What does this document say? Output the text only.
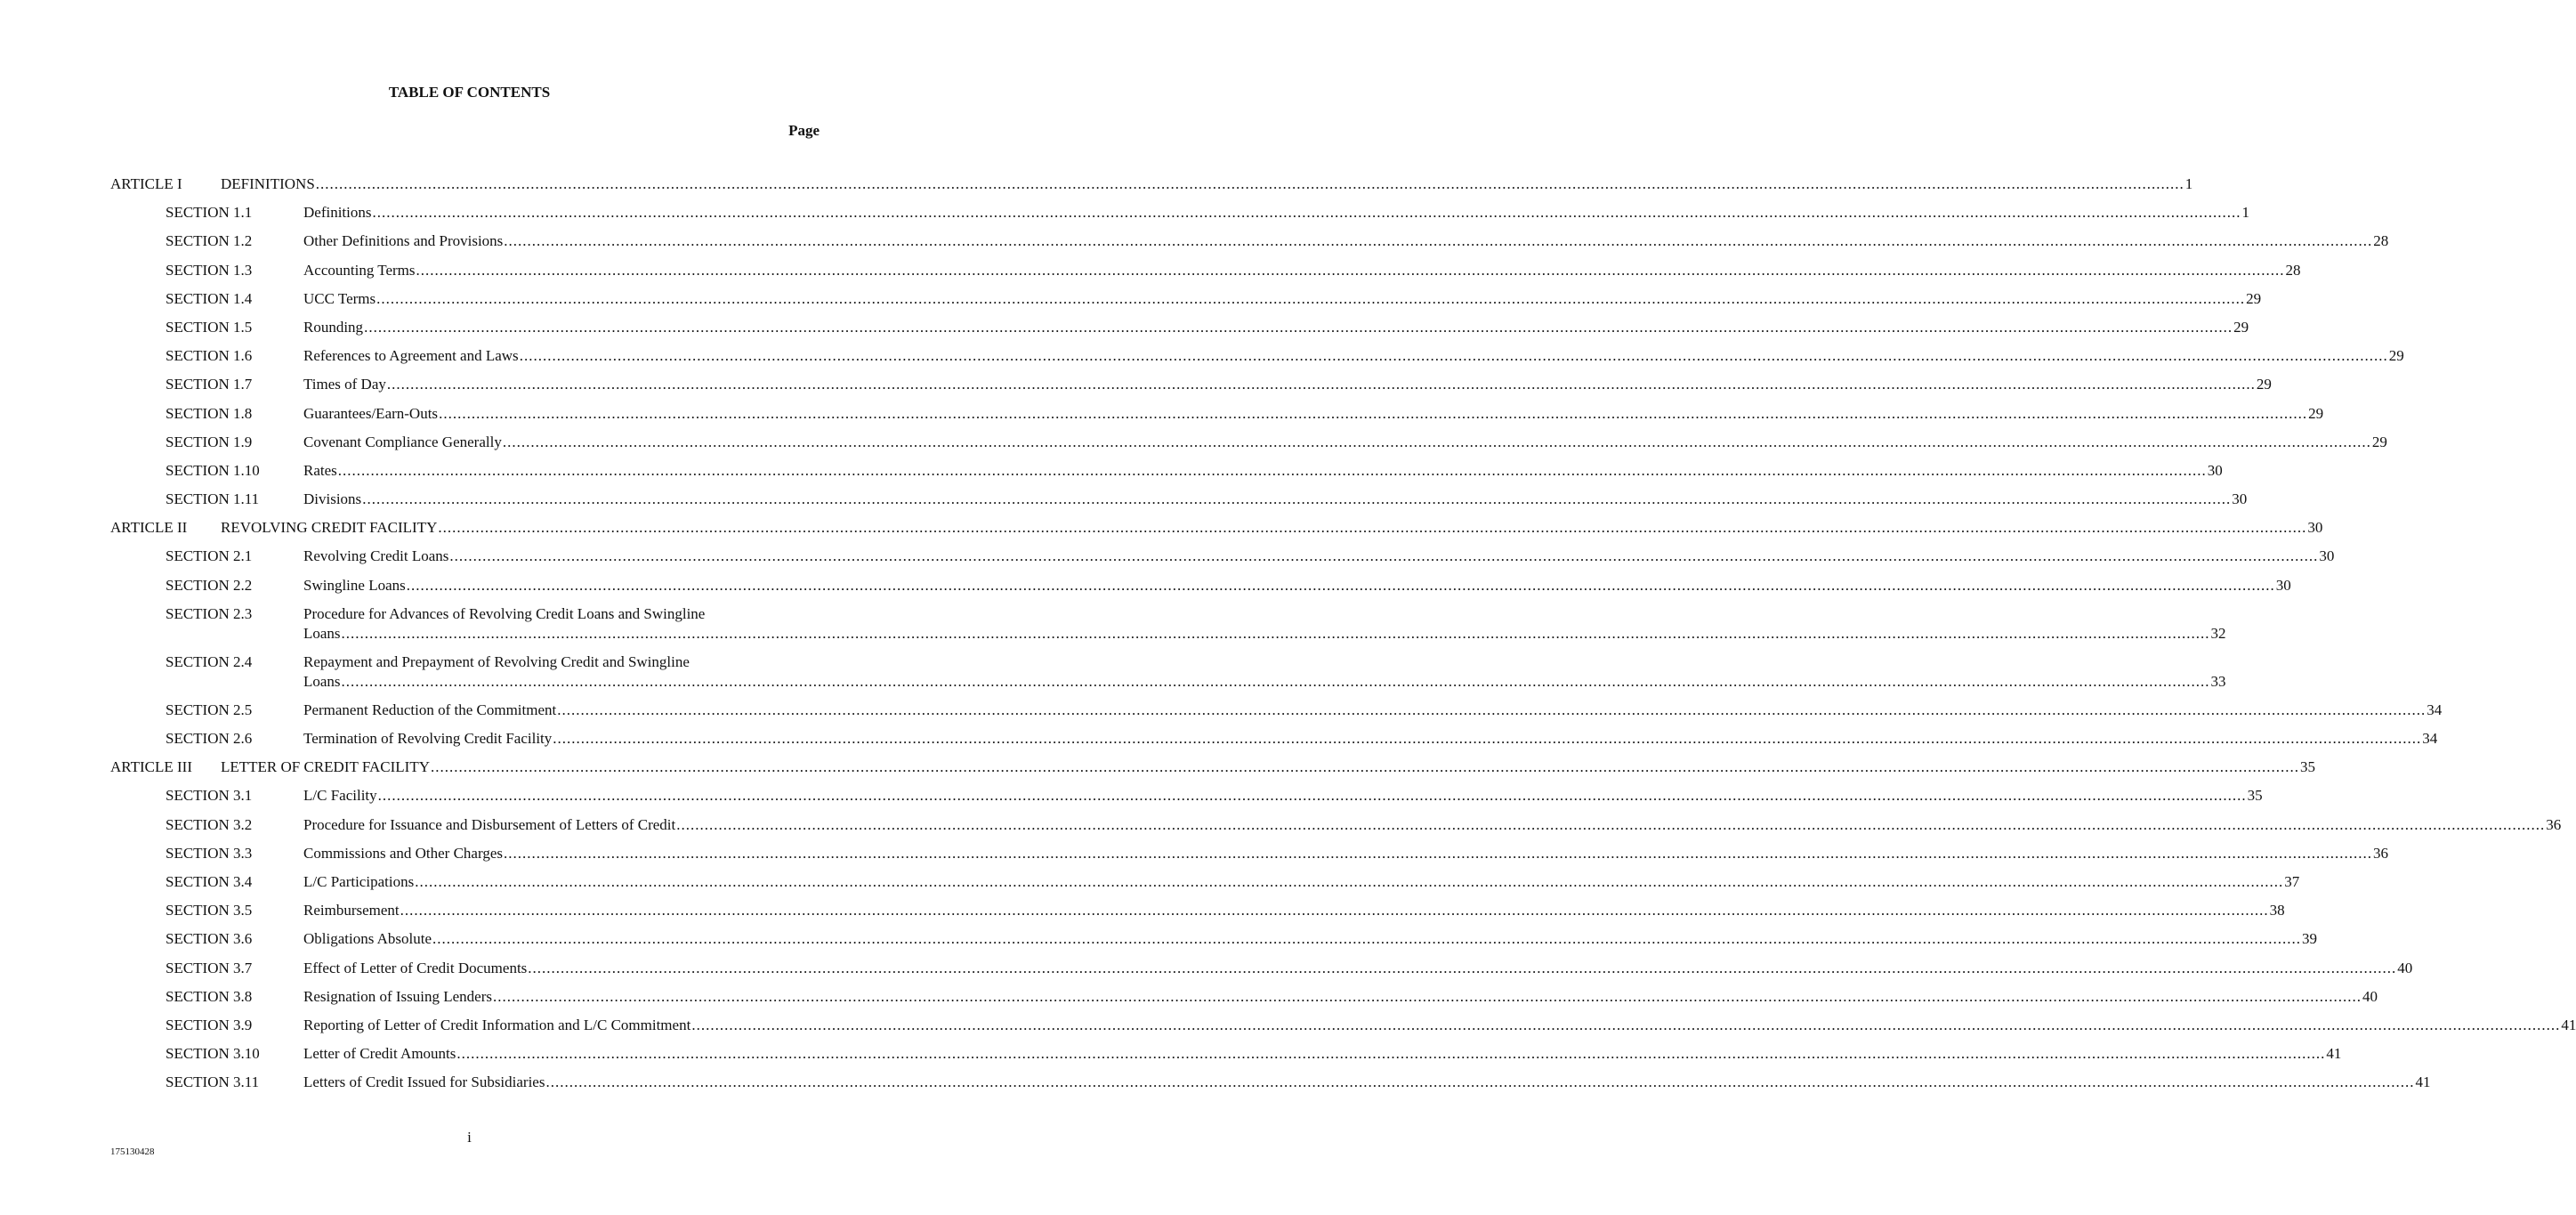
TABLE OF CONTENTS
Page
ARTICLE I	DEFINITIONS ................................................................................................................................................................................................................................................................................................................................................................................................................ 1
SECTION 1.1	Definitions ................................................................................................................................................................................................................................................................................................................................................................................................................ 1
SECTION 1.2	Other Definitions and Provisions ................................................................................................................................................................................................................................................................................................................................................................................................................ 28
SECTION 1.3	Accounting Terms ................................................................................................................................................................................................................................................................................................................................................................................................................ 28
SECTION 1.4	UCC Terms ................................................................................................................................................................................................................................................................................................................................................................................................................ 29
SECTION 1.5	Rounding ................................................................................................................................................................................................................................................................................................................................................................................................................ 29
SECTION 1.6	References to Agreement and Laws ................................................................................................................................................................................................................................................................................................................................................................................................................ 29
SECTION 1.7	Times of Day ................................................................................................................................................................................................................................................................................................................................................................................................................ 29
SECTION 1.8	Guarantees/Earn-Outs ................................................................................................................................................................................................................................................................................................................................................................................................................ 29
SECTION 1.9	Covenant Compliance Generally ................................................................................................................................................................................................................................................................................................................................................................................................................ 29
SECTION 1.10	Rates ................................................................................................................................................................................................................................................................................................................................................................................................................ 30
SECTION 1.11	Divisions ................................................................................................................................................................................................................................................................................................................................................................................................................ 30
ARTICLE II REVOLVING CREDIT FACILITY ................................................................................................................................................................................................................................................................................................................................................................................................................ 30
SECTION 2.1	Revolving Credit Loans ................................................................................................................................................................................................................................................................................................................................................................................................................ 30
SECTION 2.2	Swingline Loans ................................................................................................................................................................................................................................................................................................................................................................................................................ 30
SECTION 2.3	Procedure for Advances of Revolving Credit Loans and Swingline
Loans ................................................................................................................................................................................................................................................................................................................................................................................................................ 32
SECTION 2.4	Repayment and Prepayment of Revolving Credit and Swingline
Loans ................................................................................................................................................................................................................................................................................................................................................................................................................ 33
SECTION 2.5	Permanent Reduction of the Commitment ................................................................................................................................................................................................................................................................................................................................................................................................................ 34
SECTION 2.6	Termination of Revolving Credit Facility ................................................................................................................................................................................................................................................................................................................................................................................................................ 34
ARTICLE III LETTER OF CREDIT FACILITY ................................................................................................................................................................................................................................................................................................................................................................................................................ 35
SECTION 3.1	L/C Facility ................................................................................................................................................................................................................................................................................................................................................................................................................ 35
SECTION 3.2	Procedure for Issuance and Disbursement of Letters of Credit ................................................................................................................................................................................................................................................................................................................................................................................................................ 36
SECTION 3.3	Commissions and Other Charges ................................................................................................................................................................................................................................................................................................................................................................................................................ 36
SECTION 3.4	L/C Participations ................................................................................................................................................................................................................................................................................................................................................................................................................ 37
SECTION 3.5	Reimbursement ................................................................................................................................................................................................................................................................................................................................................................................................................ 38
SECTION 3.6	Obligations Absolute ................................................................................................................................................................................................................................................................................................................................................................................................................ 39
SECTION 3.7	Effect of Letter of Credit Documents ................................................................................................................................................................................................................................................................................................................................................................................................................ 40
SECTION 3.8	Resignation of Issuing Lenders ................................................................................................................................................................................................................................................................................................................................................................................................................ 40
SECTION 3.9	Reporting of Letter of Credit Information and L/C Commitment ................................................................................................................................................................................................................................................................................................................................................................................................................ 41
SECTION 3.10	Letter of Credit Amounts ................................................................................................................................................................................................................................................................................................................................................................................................................ 41
SECTION 3.11	Letters of Credit Issued for Subsidiaries ................................................................................................................................................................................................................................................................................................................................................................................................................ 41
i
175130428
